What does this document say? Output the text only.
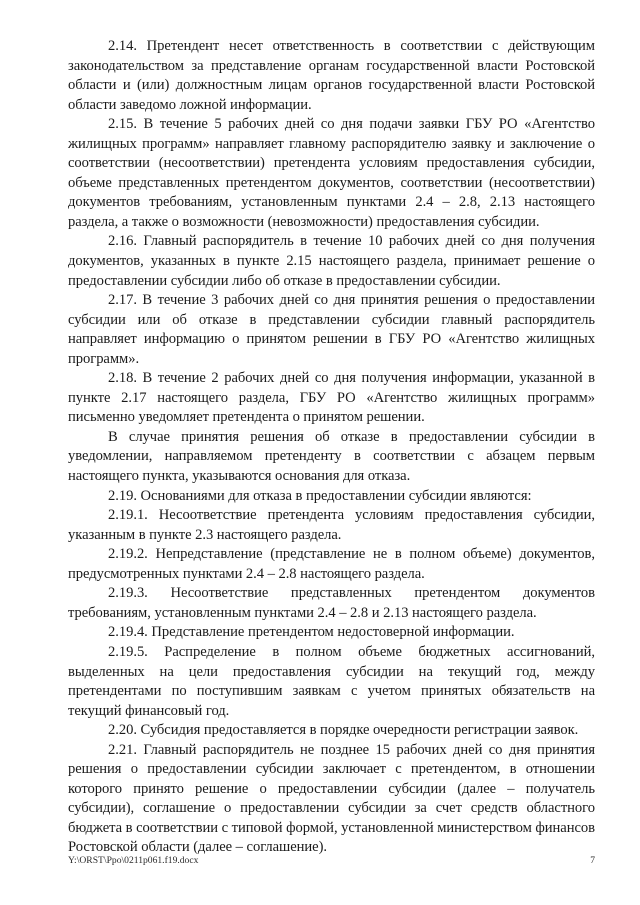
2.14. Претендент несет ответственность в соответствии с действующим законодательством за представление органам государственной власти Ростовской области и (или) должностным лицам органов государственной власти Ростовской области заведомо ложной информации.

2.15. В течение 5 рабочих дней со дня подачи заявки ГБУ РО «Агентство жилищных программ» направляет главному распорядителю заявку и заключение о соответствии (несоответствии) претендента условиям предоставления субсидии, объеме представленных претендентом документов, соответствии (несоответствии) документов требованиям, установленным пунктами 2.4 – 2.8, 2.13 настоящего раздела, а также о возможности (невозможности) предоставления субсидии.

2.16. Главный распорядитель в течение 10 рабочих дней со дня получения документов, указанных в пункте 2.15 настоящего раздела, принимает решение о предоставлении субсидии либо об отказе в предоставлении субсидии.

2.17. В течение 3 рабочих дней со дня принятия решения о предоставлении субсидии или об отказе в представлении субсидии главный распорядитель направляет информацию о принятом решении в ГБУ РО «Агентство жилищных программ».

2.18. В течение 2 рабочих дней со дня получения информации, указанной в пункте 2.17 настоящего раздела, ГБУ РО «Агентство жилищных программ» письменно уведомляет претендента о принятом решении.

В случае принятия решения об отказе в предоставлении субсидии в уведомлении, направляемом претенденту в соответствии с абзацем первым настоящего пункта, указываются основания для отказа.

2.19. Основаниями для отказа в предоставлении субсидии являются:

2.19.1. Несоответствие претендента условиям предоставления субсидии, указанным в пункте 2.3 настоящего раздела.

2.19.2. Непредставление (представление не в полном объеме) документов, предусмотренных пунктами 2.4 – 2.8 настоящего раздела.

2.19.3. Несоответствие представленных претендентом документов требованиям, установленным пунктами 2.4 – 2.8 и 2.13 настоящего раздела.

2.19.4. Представление претендентом недостоверной информации.

2.19.5. Распределение в полном объеме бюджетных ассигнований, выделенных на цели предоставления субсидии на текущий год, между претендентами по поступившим заявкам с учетом принятых обязательств на текущий финансовый год.

2.20. Субсидия предоставляется в порядке очередности регистрации заявок.

2.21. Главный распорядитель не позднее 15 рабочих дней со дня принятия решения о предоставлении субсидии заключает с претендентом, в отношении которого принято решение о предоставлении субсидии (далее – получатель субсидии), соглашение о предоставлении субсидии за счет средств областного бюджета в соответствии с типовой формой, установленной министерством финансов Ростовской области (далее – соглашение).

Y:\ORST\Ppo\0211p061.f19.docx	7
